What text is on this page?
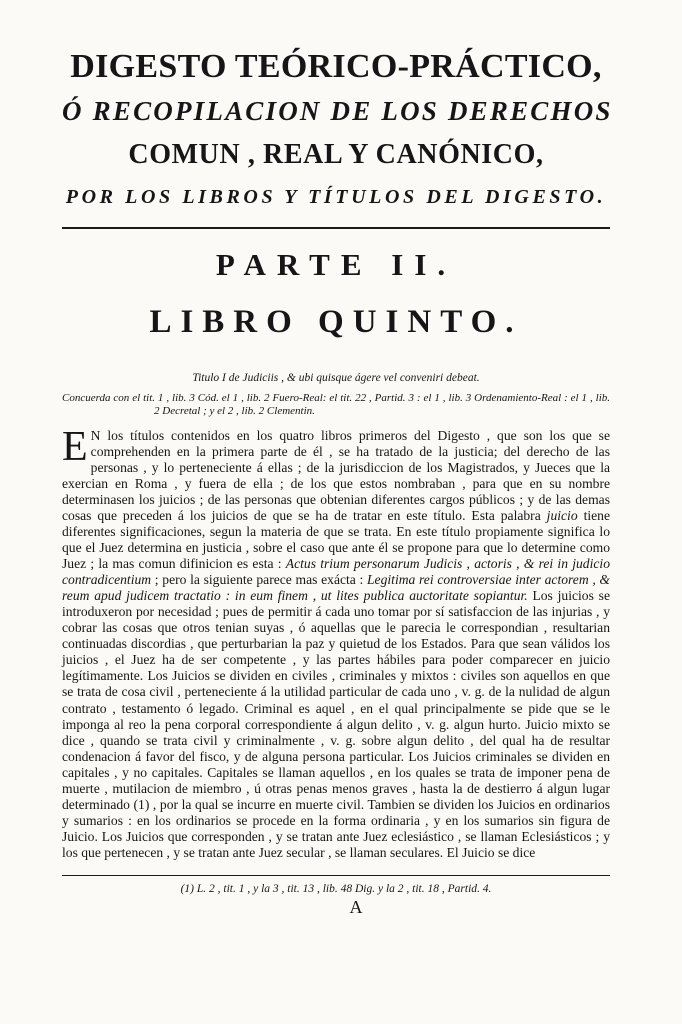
DIGESTO TEÓRICO-PRÁCTICO,
Ó RECOPILACION DE LOS DERECHOS
COMUN , REAL Y CANÓNICO,
POR LOS LIBROS Y TÍTULOS DEL DIGESTO.
PARTE II.
LIBRO QUINTO.
Titulo I de Judiciis , & ubi quisque ágere vel conveniri debeat.
Concuerda con el tit. 1 , lib. 3 Cód. el 1 , lib. 2 Fuero-Real: el tit. 22 , Partid. 3 : el 1 , lib. 3 Ordenamiento-Real : el 1 , lib. 2 Decretal ; y el 2 , lib. 2 Clementin.

E N los títulos contenidos en los quatro libros primeros del Digesto , que son los que se comprehenden en la primera parte de él , se ha tratado de la justicia; del derecho de las personas , y lo perteneciente á ellas ; de la jurisdiccion de los Magistrados, y Jueces que la exercian en Roma , y fuera de ella ; de los que estos nombraban , para que en su nombre determinasen los juicios ; de las personas que obtenian diferentes cargos públicos ; y de las demas cosas que preceden á los juicios de que se ha de tratar en este título. Esta palabra juicio tiene diferentes significaciones, segun la materia de que se trata. En este título propiamente significa lo que el Juez determina en justicia , sobre el caso que ante él se propone para que lo determine como Juez ; la mas comun difinicion es esta : Actus trium personarum Judicis , actoris , & rei in judicio contradicentium ; pero la siguiente parece mas exácta : Legitima rei controversiae inter actorem , & reum apud judicem tractatio : in eum finem , ut lites publica auctoritate sopiantur. Los juicios se introduxeron por necesidad ; pues de permitir á cada uno tomar por sí satisfaccion de las injurias , y cobrar las cosas que otros tenian suyas , ó aquellas que le parecia le correspondian , resultarian continuadas discordias , que perturbarian la paz y quietud de los Estados. Para que sean válidos los juicios , el Juez ha de ser competente , y las partes hábiles para poder comparecer en juicio legítimamente. Los Juicios se dividen en civiles , criminales y mixtos : civiles son aquellos en que se trata de cosa civil , perteneciente á la utilidad particular de cada uno , v. g. de la nulidad de algun contrato , testamento ó legado. Criminal es aquel , en el qual principalmente se pide que se le imponga al reo la pena corporal correspondiente á algun delito , v. g. algun hurto. Juicio mixto se dice , quando se trata civil y criminalmente , v. g. sobre algun delito , del qual ha de resultar condenacion á favor del fisco, y de alguna persona particular. Los Juicios criminales se dividen en capitales , y no capitales. Capitales se llaman aquellos , en los quales se trata de imponer pena de muerte , mutilacion de miembro , ú otras penas menos graves , hasta la de destierro á algun lugar determinado (1) , por la qual se incurre en muerte civil. Tambien se dividen los Juicios en ordinarios y sumarios : en los ordinarios se procede en la forma ordinaria , y en los sumarios sin figura de Juicio. Los Juicios que corresponden , y se tratan ante Juez eclesiástico , se llaman Eclesiásticos ; y los que pertenecen , y se tratan ante Juez secular , se llaman seculares. El Juicio se dice

(1) L. 2 , tit. 1 , y la 3 , tit. 13 , lib. 48 Dig. y la 2 , tit. 18 , Partid. 4.
A
